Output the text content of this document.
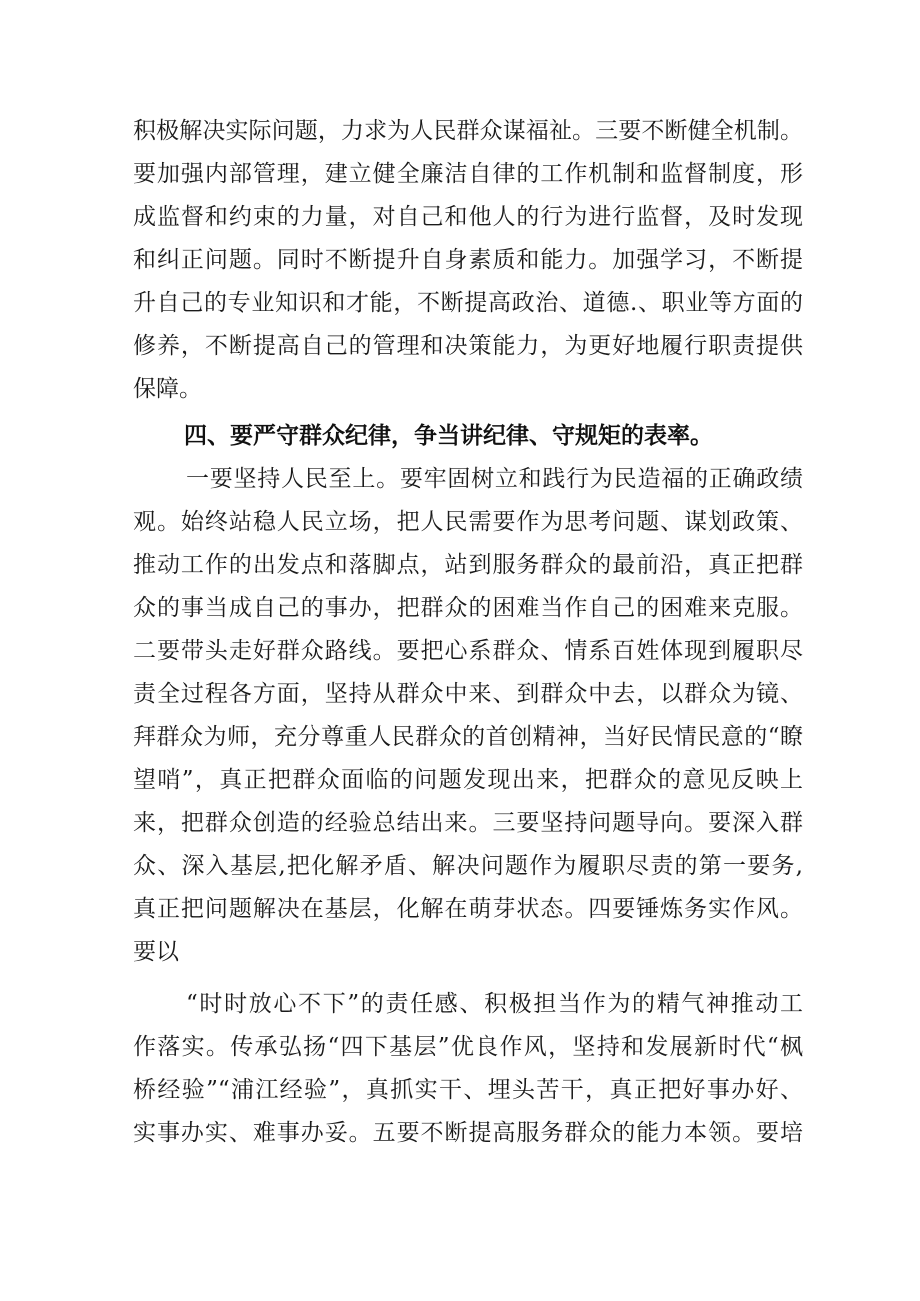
积极解决实际问题，力求为人民群众谋福祉。三要不断健全机制。
要加强内部管理，建立健全廉洁自律的工作机制和监督制度，形
成监督和约束的力量，对自己和他人的行为进行监督，及时发现
和纠正问题。同时不断提升自身素质和能力。加强学习，不断提
升自己的专业知识和才能，不断提高政治、道德.、职业等方面的
修养，不断提高自己的管理和决策能力，为更好地履行职责提供
保障。
四、要严守群众纪律，争当讲纪律、守规矩的表率。
一要坚持人民至上。要牢固树立和践行为民造福的正确政绩
观。始终站稳人民立场，把人民需要作为思考问题、谋划政策、
推动工作的出发点和落脚点，站到服务群众的最前沿，真正把群
众的事当成自己的事办，把群众的困难当作自己的困难来克服。
二要带头走好群众路线。要把心系群众、情系百姓体现到履职尽
责全过程各方面，坚持从群众中来、到群众中去，以群众为镜、
拜群众为师，充分尊重人民群众的首创精神，当好民情民意的“瞭
望哨”，真正把群众面临的问题发现出来，把群众的意见反映上
来，把群众创造的经验总结出来。三要坚持问题导向。要深入群
众、深入基层,把化解矛盾、解决问题作为履职尽责的第一要务,
真正把问题解决在基层，化解在萌芽状态。四要锤炼务实作风。
要以
“时时放心不下”的责任感、积极担当作为的精气神推动工
作落实。传承弘扬“四下基层”优良作风，坚持和发展新时代“枫
桥经验”“浦江经验”，真抓实干、埋头苦干，真正把好事办好、
实事办实、难事办妥。五要不断提高服务群众的能力本领。要培
